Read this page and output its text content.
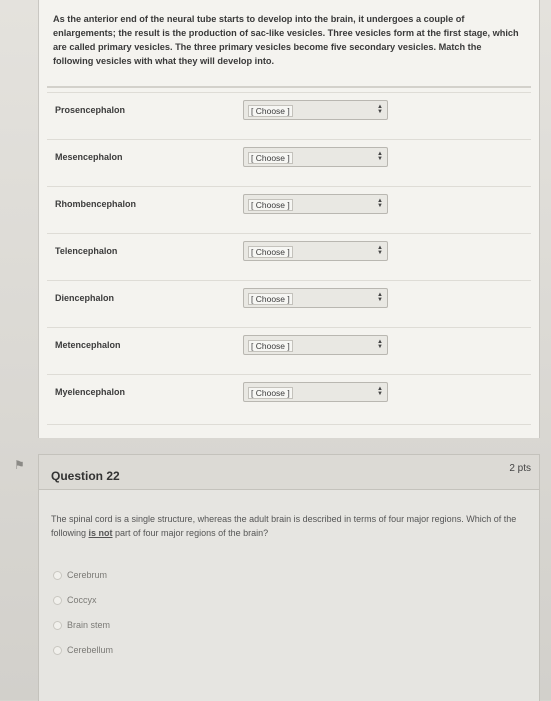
As the anterior end of the neural tube starts to develop into the brain, it undergoes a couple of enlargements; the result is the production of sac-like vesicles. Three vesicles form at the first stage, which are called primary vesicles. The three primary vesicles become five secondary vesicles. Match the following vesicles with what they will develop into.
Prosencephalon	[ Choose ]	▲
▼
Mesencephalon	[ Choose ]	▲
▼
Rhombencephalon	[ Choose ]	▲
▼
Telencephalon	[ Choose ]	▲
▼
Diencephalon	[ Choose ]	▲
▼
Metencephalon	[ Choose ]	▲
▼
Myelencephalon	[ Choose ]	▲
▼
⚑
Question 22
2 pts
The spinal cord is a single structure, whereas the adult brain is described in terms of four major regions. Which of the following is not part of four major regions of the brain?
Cerebrum
Coccyx
Brain stem
Cerebellum
